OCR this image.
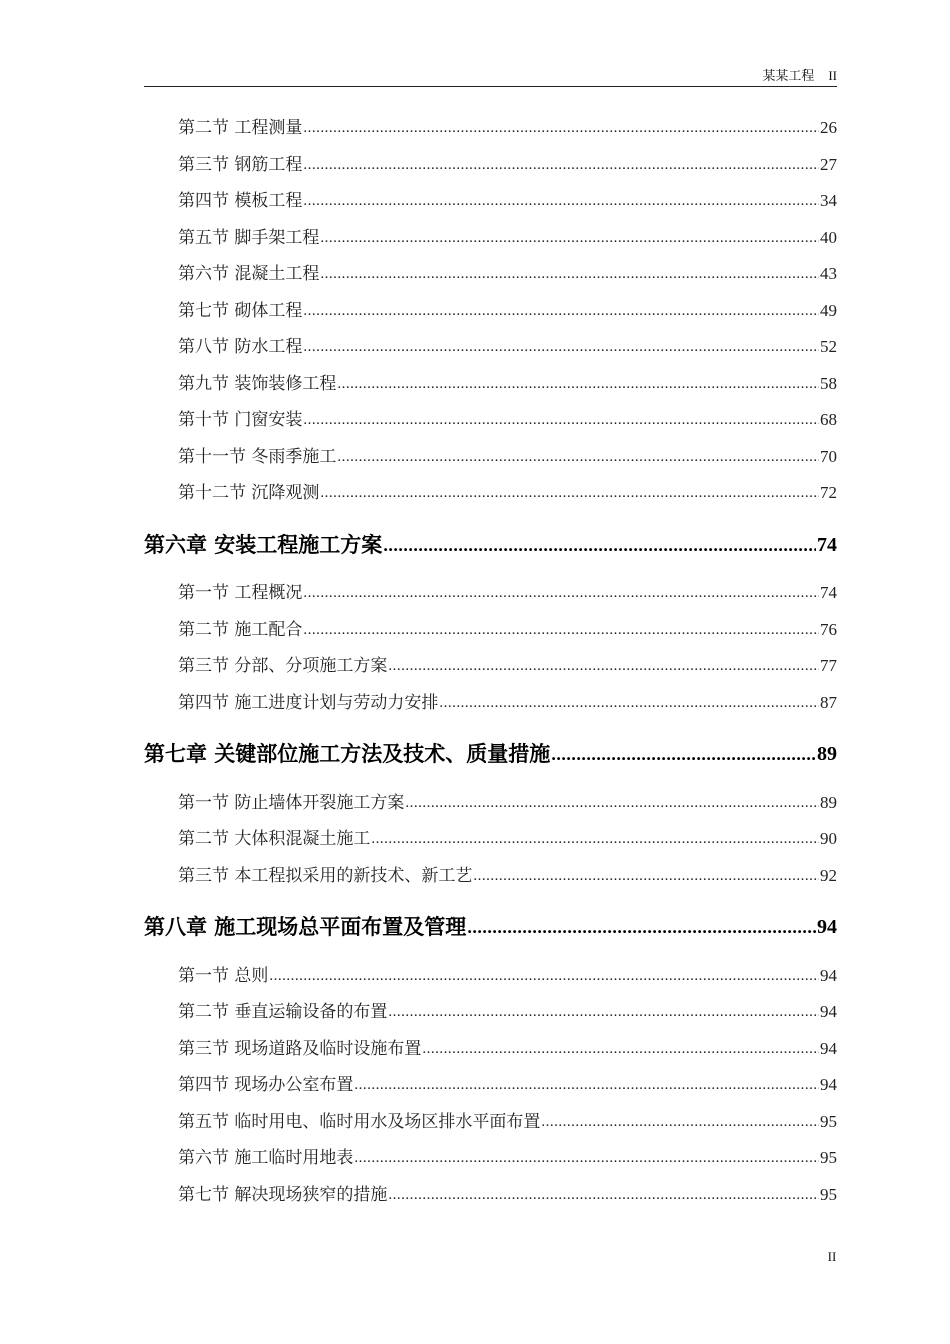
某某工程 II
第二节 工程测量 .....	26
第三节 钢筋工程 .....	27
第四节 模板工程 .....	34
第五节 脚手架工程 .....	40
第六节 混凝土工程 .....	43
第七节 砌体工程 .....	49
第八节 防水工程 .....	52
第九节 装饰装修工程 .....	58
第十节 门窗安装 .....	68
第十一节 冬雨季施工 .....	70
第十二节 沉降观测 .....	72
第六章 安装工程施工方案 .....	74
第一节 工程概况 .....	74
第二节 施工配合 .....	76
第三节 分部、分项施工方案 .....	77
第四节 施工进度计划与劳动力安排 .....	87
第七章 关键部位施工方法及技术、质量措施 .....	89
第一节 防止墙体开裂施工方案 .....	89
第二节 大体积混凝土施工 .....	90
第三节 本工程拟采用的新技术、新工艺 .....	92
第八章 施工现场总平面布置及管理 .....	94
第一节 总则 .....	94
第二节 垂直运输设备的布置 .....	94
第三节 现场道路及临时设施布置 .....	94
第四节 现场办公室布置 .....	94
第五节 临时用电、临时用水及场区排水平面布置 .....	95
第六节 施工临时用地表 .....	95
第七节 解决现场狭窄的措施 .....	95
II
